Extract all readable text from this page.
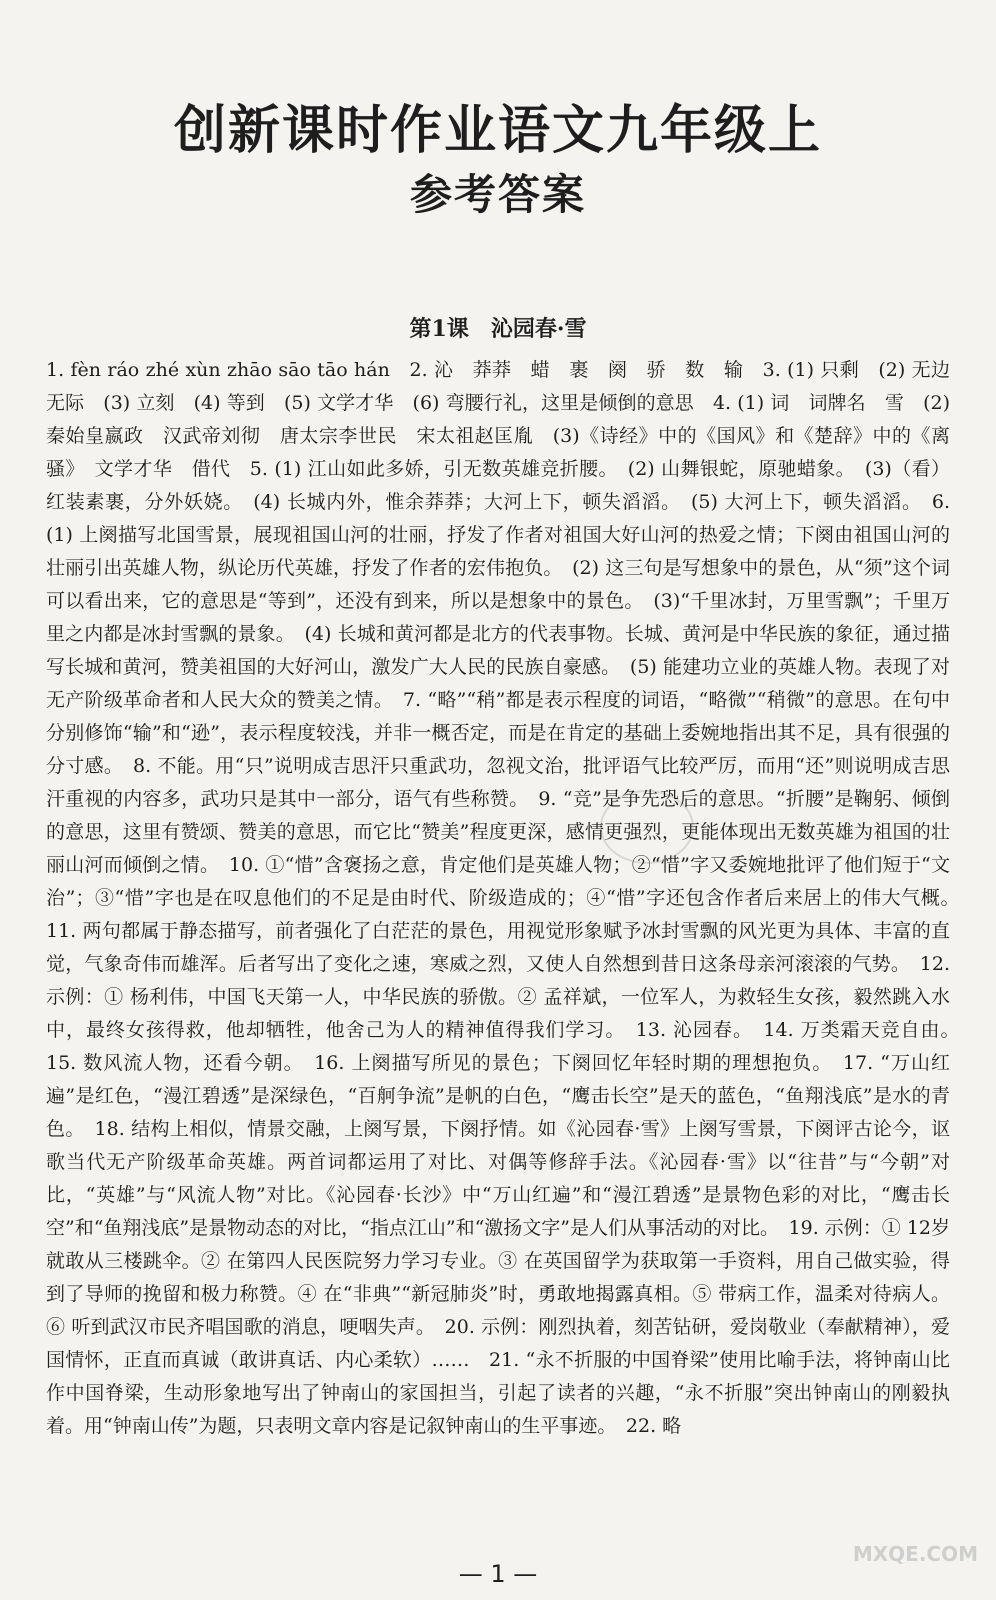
创新课时作业语文九年级上
参考答案
第1课　沁园春·雪

1. fèn ráo zhé xùn zhāo sāo tāo hán　2. 沁　莽莽　蜡　裹　阕　骄　数　输　3. (1) 只剩　(2) 无边无际　(3) 立刻　(4) 等到　(5) 文学才华　(6) 弯腰行礼，这里是倾倒的意思　4. (1) 词　词牌名　雪　(2) 秦始皇嬴政　汉武帝刘彻　唐太宗李世民　宋太祖赵匡胤　(3)《诗经》中的《国风》和《楚辞》中的《离骚》　文学才华　借代　5. (1) 江山如此多娇，引无数英雄竞折腰。　(2) 山舞银蛇，原驰蜡象。　(3)（看）红装素裹，分外妖娆。　(4) 长城内外，惟余莽莽；大河上下，顿失滔滔。　(5) 大河上下，顿失滔滔。　6. (1) 上阕描写北国雪景，展现祖国山河的壮丽，抒发了作者对祖国大好山河的热爱之情；下阕由祖国山河的壮丽引出英雄人物，纵论历代英雄，抒发了作者的宏伟抱负。　(2) 这三句是写想象中的景色，从“须”这个词可以看出来，它的意思是“等到”，还没有到来，所以是想象中的景色。　(3)“千里冰封，万里雪飘”；千里万里之内都是冰封雪飘的景象。　(4) 长城和黄河都是北方的代表事物。长城、黄河是中华民族的象征，通过描写长城和黄河，赞美祖国的大好河山，激发广大人民的民族自豪感。　(5) 能建功立业的英雄人物。表现了对无产阶级革命者和人民大众的赞美之情。　7. “略”“稍”都是表示程度的词语，“略微”“稍微”的意思。在句中分别修饰“输”和“逊”，表示程度较浅，并非一概否定，而是在肯定的基础上委婉地指出其不足，具有很强的分寸感。　8. 不能。用“只”说明成吉思汗只重武功，忽视文治，批评语气比较严厉，而用“还”则说明成吉思汗重视的内容多，武功只是其中一部分，语气有些称赞。　9. “竞”是争先恐后的意思。“折腰”是鞠躬、倾倒的意思，这里有赞颂、赞美的意思，而它比“赞美”程度更深，感情更强烈，更能体现出无数英雄为祖国的壮丽山河而倾倒之情。　10. ①“惜”含褒扬之意，肯定他们是英雄人物；②“惜”字又委婉地批评了他们短于“文治”；③“惜”字也是在叹息他们的不足是由时代、阶级造成的；④“惜”字还包含作者后来居上的伟大气概。　11. 两句都属于静态描写，前者强化了白茫茫的景色，用视觉形象赋予冰封雪飘的风光更为具体、丰富的直觉，气象奇伟而雄浑。后者写出了变化之速，寒威之烈，又使人自然想到昔日这条母亲河滚滚的气势。　12. 示例：① 杨利伟，中国飞天第一人，中华民族的骄傲。② 孟祥斌，一位军人，为救轻生女孩，毅然跳入水中，最终女孩得救，他却牺牲，他舍己为人的精神值得我们学习。　13. 沁园春。　14. 万类霜天竞自由。　15. 数风流人物，还看今朝。　16. 上阕描写所见的景色；下阕回忆年轻时期的理想抱负。　17. “万山红遍”是红色，“漫江碧透”是深绿色，“百舸争流”是帆的白色，“鹰击长空”是天的蓝色，“鱼翔浅底”是水的青色。　18. 结构上相似，情景交融，上阕写景，下阕抒情。如《沁园春·雪》上阕写雪景，下阕评古论今，讴歌当代无产阶级革命英雄。两首词都运用了对比、对偶等修辞手法。《沁园春·雪》以“往昔”与“今朝”对比，“英雄”与“风流人物”对比。《沁园春·长沙》中“万山红遍”和“漫江碧透”是景物色彩的对比，“鹰击长空”和“鱼翔浅底”是景物动态的对比，“指点江山”和“激扬文字”是人们从事活动的对比。　19. 示例：① 12岁就敢从三楼跳伞。② 在第四人民医院努力学习专业。③ 在英国留学为获取第一手资料，用自己做实验，得到了导师的挽留和极力称赞。④ 在“非典”“新冠肺炎”时，勇敢地揭露真相。⑤ 带病工作，温柔对待病人。⑥ 听到武汉市民齐唱国歌的消息，哽咽失声。　20. 示例：刚烈执着，刻苦钻研，爱岗敬业（奉献精神），爱国情怀，正直而真诚（敢讲真话、内心柔软）……　21. “永不折服的中国脊梁”使用比喻手法，将钟南山比作中国脊梁，生动形象地写出了钟南山的家国担当，引起了读者的兴趣，“永不折服”突出钟南山的刚毅执着。用“钟南山传”为题，只表明文章内容是记叙钟南山的生平事迹。　22. 略

MXQE.COM
— 1 —
